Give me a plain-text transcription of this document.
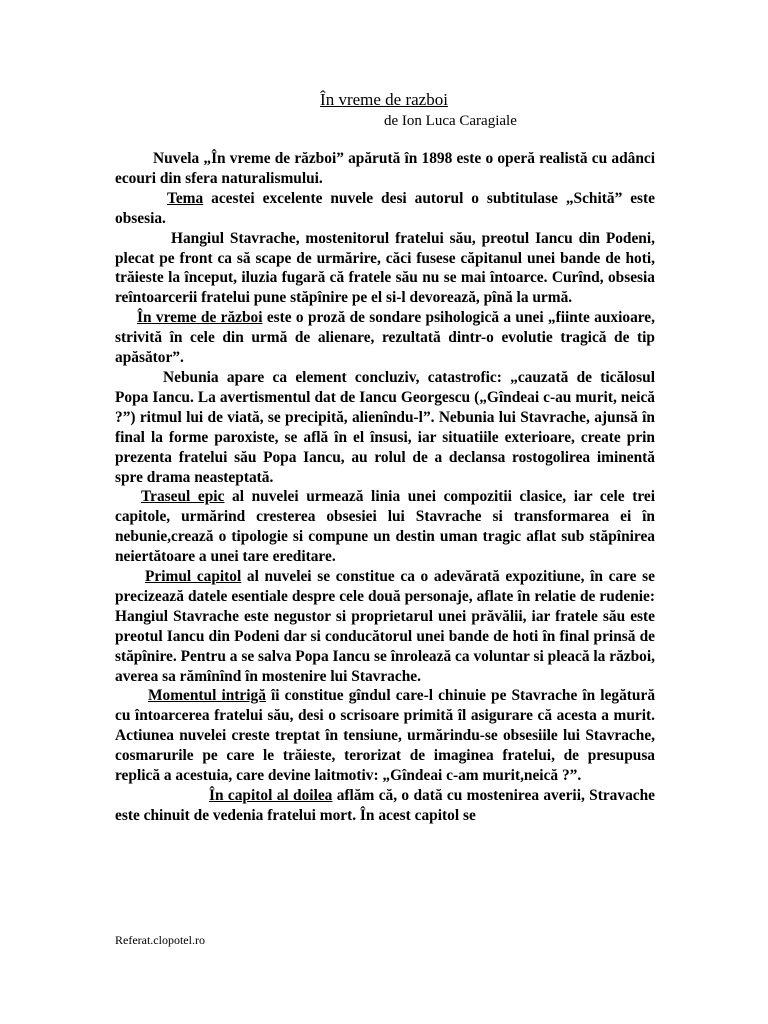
În vreme de razboi
de Ion Luca Caragiale

Nuvela „În vreme de război” apărută în 1898 este o operă realistă cu adânci ecouri din sfera naturalismului.

Tema acestei excelente nuvele desi autorul o subtitulase „Schită” este obsesia.

Hangiul Stavrache, mostenitorul fratelui său, preotul Iancu din Podeni, plecat pe front ca să scape de urmărire, căci fusese căpitanul unei bande de hoti, trăieste la început, iluzia fugară că fratele său nu se mai întoarce. Curînd, obsesia reîntoarcerii fratelui pune stăpînire pe el si-l devorează, pînă la urmă.

În vreme de război este o proză de sondare psihologică a unei „fiinte auxioare, strivită în cele din urmă de alienare, rezultată dintr-o evolutie tragică de tip apăsător”.

Nebunia apare ca element concluziv, catastrofic: „cauzată de ticălosul Popa Iancu. La avertismentul dat de Iancu Georgescu („Gîndeai c-au murit, neică ?”) ritmul lui de viată, se precipită, alienîndu-l”. Nebunia lui Stavrache, ajunsă în final la forme paroxiste, se află în el însusi, iar situatiile exterioare, create prin prezenta fratelui său Popa Iancu, au rolul de a declansa rostogolirea iminentă spre drama neasteptată.

Traseul epic al nuvelei urmează linia unei compozitii clasice, iar cele trei capitole, urmărind cresterea obsesiei lui Stavrache si transformarea ei în nebunie,crează o tipologie si compune un destin uman tragic aflat sub stăpînirea neiertătoare a unei tare ereditare.

Primul capitol al nuvelei se constitue ca o adevărată expozitiune, în care se precizează datele esentiale despre cele două personaje, aflate în relatie de rudenie: Hangiul Stavrache este negustor si proprietarul unei prăvălii, iar fratele său este preotul Iancu din Podeni dar si conducătorul unei bande de hoti în final prinsă de stăpînire. Pentru a se salva Popa Iancu se înrolează ca voluntar si pleacă la război, averea sa rămînînd în mostenire lui Stavrache.

Momentul intrigă îi constitue gîndul care-l chinuie pe Stavrache în legătură cu întoarcerea fratelui său, desi o scrisoare primită îl asigurare că acesta a murit. Actiunea nuvelei creste treptat în tensiune, urmărindu-se obsesiile lui Stavrache, cosmarurile pe care le trăieste, terorizat de imaginea fratelui, de presupusa replică a acestuia, care devine laitmotiv: „Gîndeai c-am murit,neică ?”.

În capitol al doilea aflăm că, o dată cu mostenirea averii, Stravache este chinuit de vedenia fratelui mort. În acest capitol se

Referat.clopotel.ro
